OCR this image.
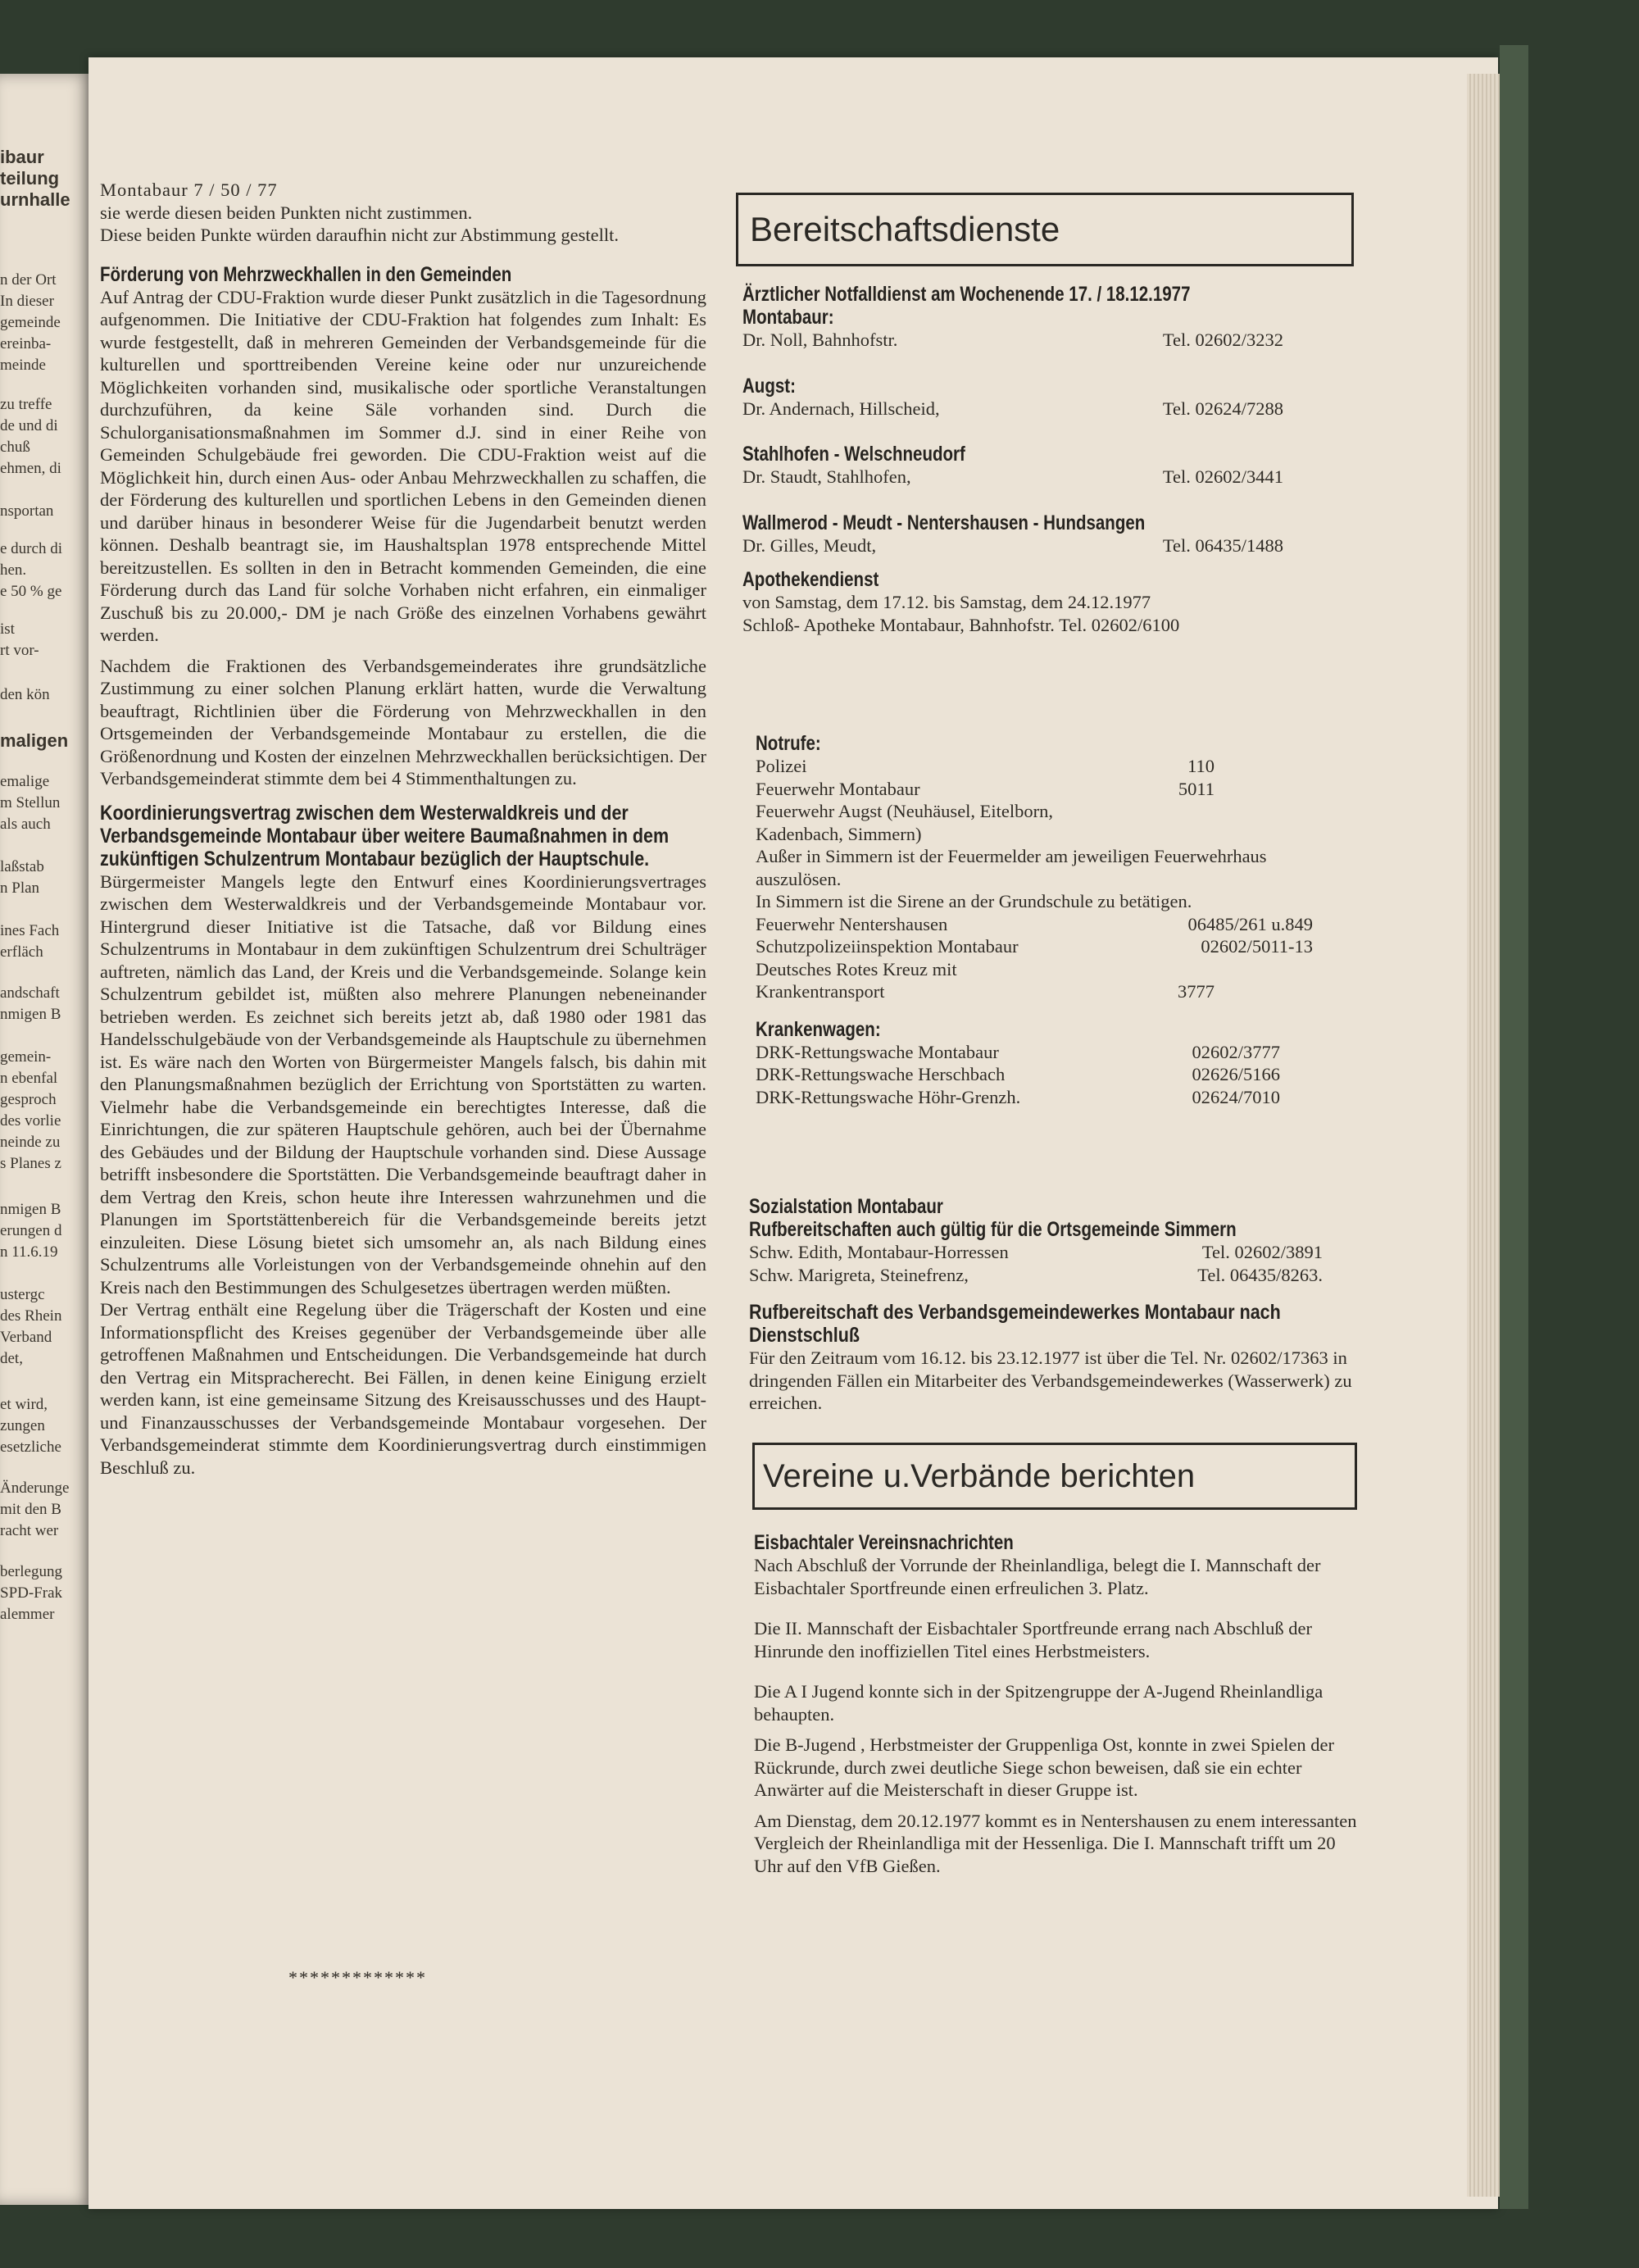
ibaur
teilung
urnhalle
n der Ort
In dieser
gemeinde
ereinba-
meinde
zu treffe
de und di
chuß
ehmen, di
nsportan
e durch di
hen.
e 50 % ge
ist
rt vor-
den kön
maligen
emalige
m Stellun
als auch
laßstab
n Plan
ines Fach
erfläch
andschaft
nmigen B
gemein-
n ebenfal
gesproch
des vorlie
neinde zu
s Planes z
nmigen B
erungen d
n 11.6.19
ustergc
des Rhein
Verband
det,
et wird,
zungen
esetzliche
Änderunge
mit den B
racht wer
berlegung
SPD-Frak
alemmer

Montabaur 7 / 50 / 77

sie werde diesen beiden Punkten nicht zustimmen.

Diese beiden Punkte würden daraufhin nicht zur Abstimmung gestellt.

Förderung von Mehrzweckhallen in den Gemeinden

Auf Antrag der CDU-Fraktion wurde dieser Punkt zusätzlich in die Tagesordnung aufgenommen. Die Initiative der CDU-Fraktion hat folgendes zum Inhalt: Es wurde festgestellt, daß in mehreren Gemeinden der Verbandsgemeinde für die kulturellen und sporttreibenden Vereine keine oder nur unzureichende Möglichkeiten vorhanden sind, musikalische oder sportliche Veranstaltungen durchzuführen, da keine Säle vorhanden sind. Durch die Schulorganisationsmaßnahmen im Sommer d.J. sind in einer Reihe von Gemeinden Schulgebäude frei geworden. Die CDU-Fraktion weist auf die Möglichkeit hin, durch einen Aus- oder Anbau Mehrzweckhallen zu schaffen, die der Förderung des kulturellen und sportlichen Lebens in den Gemeinden dienen und darüber hinaus in besonderer Weise für die Jugendarbeit benutzt werden können. Deshalb beantragt sie, im Haushaltsplan 1978 entsprechende Mittel bereitzustellen. Es sollten in den in Betracht kommenden Gemeinden, die eine Förderung durch das Land für solche Vorhaben nicht erfahren, ein einmaliger Zuschuß bis zu 20.000,- DM je nach Größe des einzelnen Vorhabens gewährt werden.

Nachdem die Fraktionen des Verbandsgemeinderates ihre grundsätzliche Zustimmung zu einer solchen Planung erklärt hatten, wurde die Verwaltung beauftragt, Richtlinien über die Förderung von Mehrzweckhallen in den Ortsgemeinden der Verbandsgemeinde Montabaur zu erstellen, die die Größenordnung und Kosten der einzelnen Mehrzweckhallen berücksichtigen. Der Verbandsgemeinderat stimmte dem bei 4 Stimmenthaltungen zu.

Koordinierungsvertrag zwischen dem Westerwaldkreis und der Verbandsgemeinde Montabaur über weitere Baumaßnahmen in dem zukünftigen Schulzentrum Montabaur bezüglich der Hauptschule.

Bürgermeister Mangels legte den Entwurf eines Koordinierungsvertrages zwischen dem Westerwaldkreis und der Verbandsgemeinde Montabaur vor. Hintergrund dieser Initiative ist die Tatsache, daß vor Bildung eines Schulzentrums in Montabaur in dem zukünftigen Schulzentrum drei Schulträger auftreten, nämlich das Land, der Kreis und die Verbandsgemeinde. Solange kein Schulzentrum gebildet ist, müßten also mehrere Planungen nebeneinander betrieben werden. Es zeichnet sich bereits jetzt ab, daß 1980 oder 1981 das Handelsschulgebäude von der Verbandsgemeinde als Hauptschule zu übernehmen ist. Es wäre nach den Worten von Bürgermeister Mangels falsch, bis dahin mit den Planungsmaßnahmen bezüglich der Errichtung von Sportstätten zu warten. Vielmehr habe die Verbandsgemeinde ein berechtigtes Interesse, daß die Einrichtungen, die zur späteren Hauptschule gehören, auch bei der Übernahme des Gebäudes und der Bildung der Hauptschule vorhanden sind. Diese Aussage betrifft insbesondere die Sportstätten. Die Verbandsgemeinde beauftragt daher in dem Vertrag den Kreis, schon heute ihre Interessen wahrzunehmen und die Planungen im Sportstättenbereich für die Verbandsgemeinde bereits jetzt einzuleiten. Diese Lösung bietet sich umsomehr an, als nach Bildung eines Schulzentrums alle Vorleistungen von der Verbandsgemeinde ohnehin auf den Kreis nach den Bestimmungen des Schulgesetzes übertragen werden müßten.

Der Vertrag enthält eine Regelung über die Trägerschaft der Kosten und eine Informationspflicht des Kreises gegenüber der Verbandsgemeinde über alle getroffenen Maßnahmen und Entscheidungen. Die Verbandsgemeinde hat durch den Vertrag ein Mitspracherecht. Bei Fällen, in denen keine Einigung erzielt werden kann, ist eine gemeinsame Sitzung des Kreisausschusses und des Haupt- und Finanzausschusses der Verbandsgemeinde Montabaur vorgesehen. Der Verbandsgemeinderat stimmte dem Koordinierungsvertrag durch einstimmigen Beschluß zu.

*************
Bereitschaftsdienste
Ärztlicher Notfalldienst am Wochenende 17. / 18.12.1977
Montabaur:
Dr. Noll, Bahnhofstr.	Tel. 02602/3232
Augst:
Dr. Andernach, Hillscheid,	Tel. 02624/7288
Stahlhofen - Welschneudorf
Dr. Staudt, Stahlhofen,	Tel. 02602/3441
Wallmerod - Meudt - Nentershausen - Hundsangen
Dr. Gilles, Meudt,	Tel. 06435/1488
Apothekendienst

von Samstag, dem 17.12. bis Samstag, dem 24.12.1977

Schloß- Apotheke Montabaur, Bahnhofstr. Tel. 02602/6100

Notrufe:
Polizei	110
Feuerwehr Montabaur	5011

Feuerwehr Augst (Neuhäusel, Eitelborn, Kadenbach, Simmern)

Außer in Simmern ist der Feuermelder am jeweiligen Feuerwehrhaus auszulösen.

In Simmern ist die Sirene an der Grundschule zu betätigen.

Feuerwehr Nentershausen	06485/261 u.849
Schutzpolizeiinspektion Montabaur	02602/5011-13
Deutsches Rotes Kreuz mit Krankentransport	3777
Krankenwagen:
DRK-Rettungswache Montabaur	02602/3777
DRK-Rettungswache Herschbach	02626/5166
DRK-Rettungswache Höhr-Grenzh.	02624/7010
Sozialstation Montabaur
Rufbereitschaften auch gültig für die Ortsgemeinde Simmern
Schw. Edith, Montabaur-Horressen	Tel. 02602/3891
Schw. Marigreta, Steinefrenz,	Tel. 06435/8263.
Rufbereitschaft des Verbandsgemeindewerkes Montabaur nach Dienstschluß

Für den Zeitraum vom 16.12. bis 23.12.1977 ist über die Tel. Nr. 02602/17363 in dringenden Fällen ein Mitarbeiter des Verbandsgemeindewerkes (Wasserwerk) zu erreichen.

Vereine u.Verbände berichten
Eisbachtaler Vereinsnachrichten

Nach Abschluß der Vorrunde der Rheinlandliga, belegt die I. Mannschaft der Eisbachtaler Sportfreunde einen erfreulichen 3. Platz.

Die II. Mannschaft der Eisbachtaler Sportfreunde errang nach Abschluß der Hinrunde den inoffiziellen Titel eines Herbstmeisters.

Die A I Jugend konnte sich in der Spitzengruppe der A-Jugend Rheinlandliga behaupten.

Die B-Jugend , Herbstmeister der Gruppenliga Ost, konnte in zwei Spielen der Rückrunde, durch zwei deutliche Siege schon beweisen, daß sie ein echter Anwärter auf die Meisterschaft in dieser Gruppe ist.

Am Dienstag, dem 20.12.1977 kommt es in Nentershausen zu enem interessanten Vergleich der Rheinlandliga mit der Hessenliga. Die I. Mannschaft trifft um 20 Uhr auf den VfB Gießen.
